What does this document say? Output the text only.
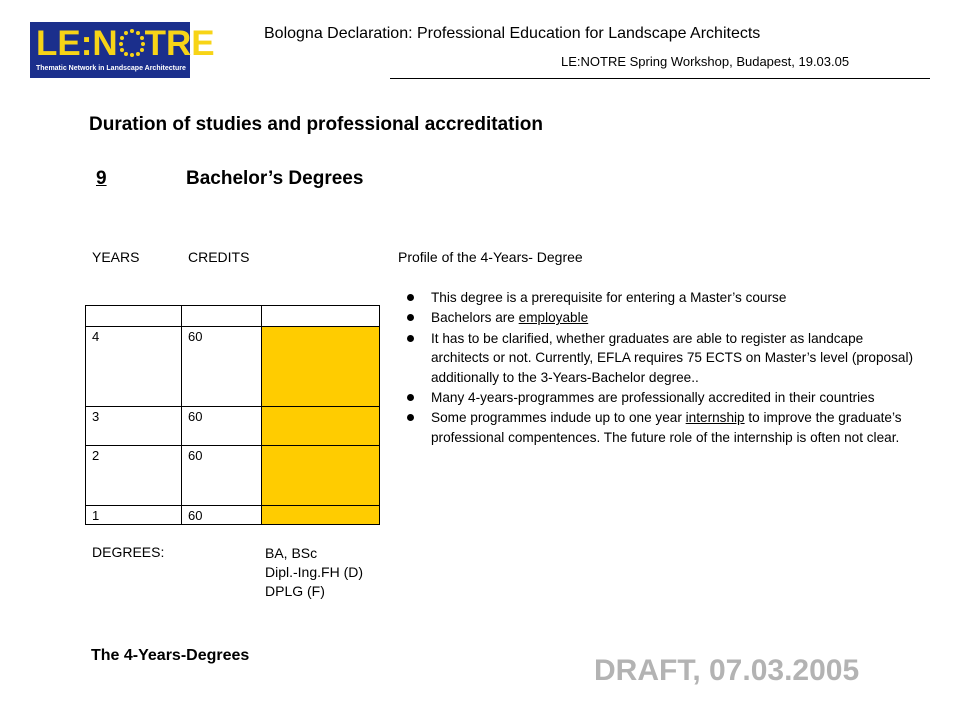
LE:N TRE
Thematic Network in Landscape Architecture
Bologna Declaration: Professional Education for Landscape Architects
LE:NOTRE Spring Workshop, Budapest, 19.03.05
Duration of studies and professional accreditation
9	Bachelor’s Degrees
YEARS	CREDITS	Profile of the 4-Years- Degree
4	60
3	60
2	60
1	60
This degree is a prerequisite for entering a Master’s course
Bachelors are employable
It has to be clarified, whether graduates are able to register as landcape architects or not. Currently, EFLA requires 75 ECTS on Master’s level (proposal) additionally to the 3-Years-Bachelor degree..
Many 4-years-programmes are professionally accredited in their countries
Some programmes indude up to one year internship to improve the graduate’s professional compentences. The future role of the internship is often not clear.
DEGREES:	BA, BSc
Dipl.-Ing.FH (D)
DPLG (F)
The 4-Years-Degrees	DRAFT, 07.03.2005
